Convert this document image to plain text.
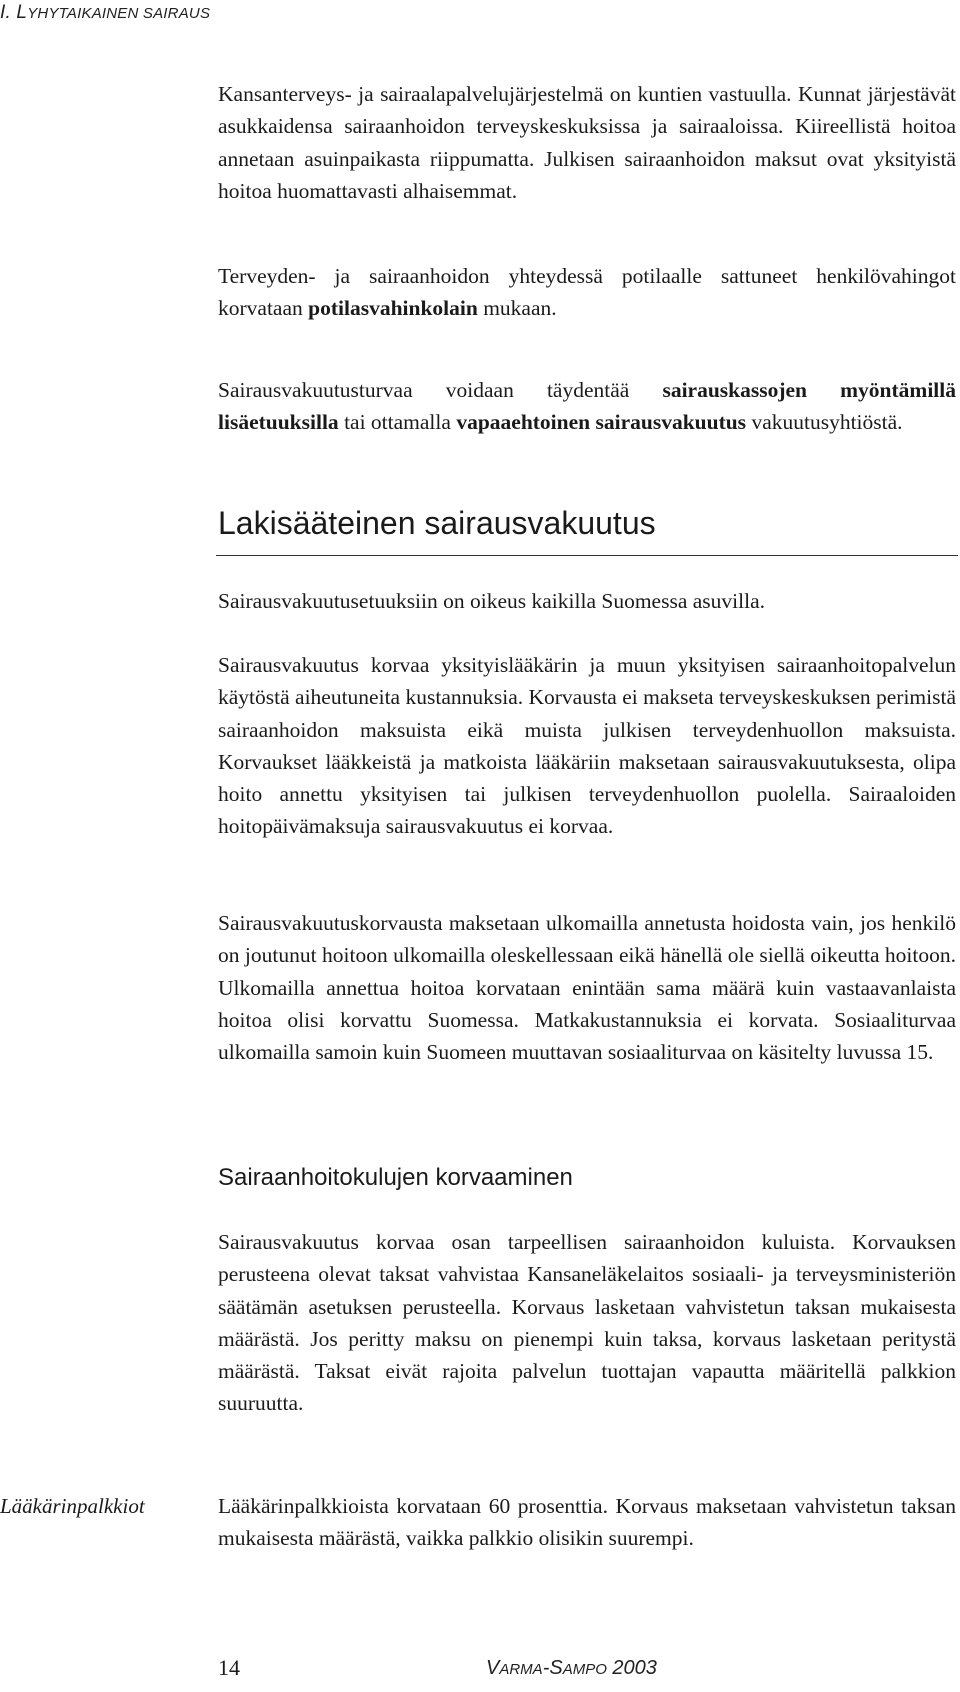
I. LYHYTAIKAINEN SAIRAUS

Kansanterveys- ja sairaalapalvelujärjestelmä on kuntien vastuulla. Kunnat järjestävät asukkaidensa sairaanhoidon terveyskeskuksissa ja sairaaloissa. Kiireellistä hoitoa annetaan asuinpaikasta riippumatta. Julkisen sairaanhoidon maksut ovat yksityistä hoitoa huomattavasti alhaisemmat.

Terveyden- ja sairaanhoidon yhteydessä potilaalle sattuneet henkilövahingot korvataan potilasvahinkolain mukaan.

Sairausvakuutusturvaa voidaan täydentää sairauskassojen myöntämillä lisäetuuksilla tai ottamalla vapaaehtoinen sairausvakuutus vakuutusyhtiöstä.

Lakisääteinen sairausvakuutus

Sairausvakuutusetuuksiin on oikeus kaikilla Suomessa asuvilla.

Sairausvakuutus korvaa yksityislääkärin ja muun yksityisen sairaanhoitopalvelun käytöstä aiheutuneita kustannuksia. Korvausta ei makseta terveyskeskuksen perimistä sairaanhoidon maksuista eikä muista julkisen terveydenhuollon maksuista. Korvaukset lääkkeistä ja matkoista lääkäriin maksetaan sairausvakuutuksesta, olipa hoito annettu yksityisen tai julkisen terveydenhuollon puolella. Sairaaloiden hoitopäivämaksuja sairausvakuutus ei korvaa.

Sairausvakuutuskorvausta maksetaan ulkomailla annetusta hoidosta vain, jos henkilö on joutunut hoitoon ulkomailla oleskellessaan eikä hänellä ole siellä oikeutta hoitoon. Ulkomailla annettua hoitoa korvataan enintään sama määrä kuin vastaavanlaista hoitoa olisi korvattu Suomessa. Matkakustannuksia ei korvata. Sosiaaliturvaa ulkomailla samoin kuin Suomeen muuttavan sosiaaliturvaa on käsitelty luvussa 15.

Sairaanhoitokulujen korvaaminen

Sairausvakuutus korvaa osan tarpeellisen sairaanhoidon kuluista. Korvauksen perusteena olevat taksat vahvistaa Kansaneläkelaitos sosiaali- ja terveysministeriön säätämän asetuksen perusteella. Korvaus lasketaan vahvistetun taksan mukaisesta määrästä. Jos peritty maksu on pienempi kuin taksa, korvaus lasketaan peritystä määrästä. Taksat eivät rajoita palvelun tuottajan vapautta määritellä palkkion suuruutta.

Lääkärinpalkkiot	Lääkärinpalkkioista korvataan 60 prosenttia. Korvaus maksetaan vahvistetun taksan mukaisesta määrästä, vaikka palkkio olisikin suurempi.

14	VARMA-SAMPO 2003
